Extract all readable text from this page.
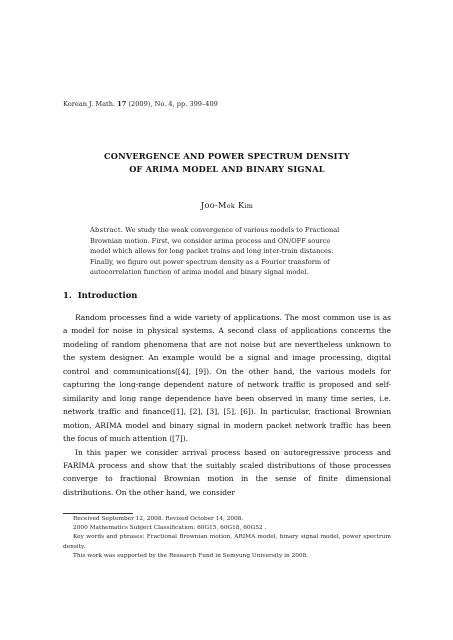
Korean J. Math. 17 (2009), No. 4, pp. 399–409
CONVERGENCE AND POWER SPECTRUM DENSITY
OF ARIMA MODEL AND BINARY SIGNAL
Joo-Mok Kim
Abstract. We study the weak convergence of various models to Fractional Brownian motion. First, we consider arima process and ON/OFF source model which allows for long packet trains and long inter-train distances. Finally, we figure out power spectrum density as a Fourier transform of autocorrelation function of arima model and binary signal model.
1. Introduction

Random processes find a wide variety of applications. The most common use is as a model for noise in physical systems. A second class of applications concerns the modeling of random phenomena that are not noise but are nevertheless unknown to the system designer. An example would be a signal and image processing, digital control and communications([4], [9]). On the other hand, the various models for capturing the long-range dependent nature of network traffic is proposed and self-similarity and long range dependence have been observed in many time series, i.e. network traffic and finance([1], [2], [3], [5], [6]). In particular, fractional Brownian motion, ARIMA model and binary signal in modern packet network traffic has been the focus of much attention ([7]).

In this paper we consider arrival process based on autoregressive process and FARIMA process and show that the suitably scaled distributions of those processes converge to fractional Brownian motion in the sense of finite dimensional distributions. On the other hand, we consider

Received September 12, 2008. Revised October 14, 2008.

2000 Mathematics Subject Classification: 60G15, 60G18, 60G52 .

Key words and phrases: Fractional Brownian motion, ARIMA model, binary signal model, power spectrum density.

This work was supported by the Research Fund in Semyung University in 2008.
